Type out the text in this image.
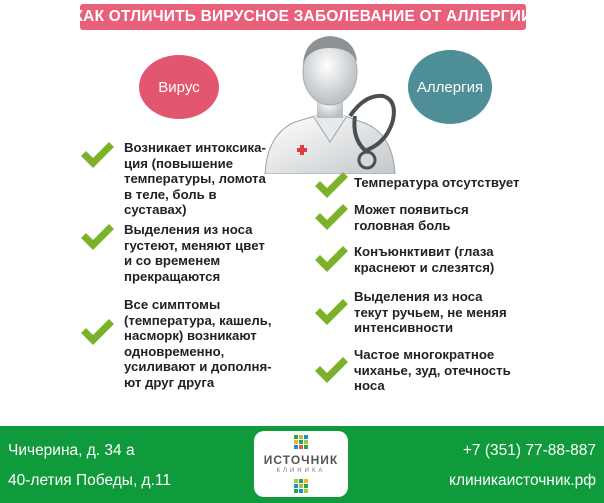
КАК ОТЛИЧИТЬ ВИРУСНОЕ ЗАБОЛЕВАНИЕ ОТ АЛЛЕРГИИ
Вирус	Аллергия
Возникает интоксика-ция (повышение температуры, ломота в теле, боль в суставах)
Выделения из носа густеют, меняют цвет и со временем прекращаются
Все симптомы (температура, кашель, насморк) возникают одновременно, усиливают и дополня-ют друг друга
Температура отсутствует
Может появиться головная боль
Конъюнктивит (глаза краснеют и слезятся)
Выделения из носа текут ручьем, не меняя интенсивности
Частое многократное чиханье, зуд, отечность носа
Чичерина, д. 34 а
40-летия Победы, д.11
+7 (351) 77-88-887
клиникаисточник.рф
ИСТОЧНИК
КЛИНИКА
